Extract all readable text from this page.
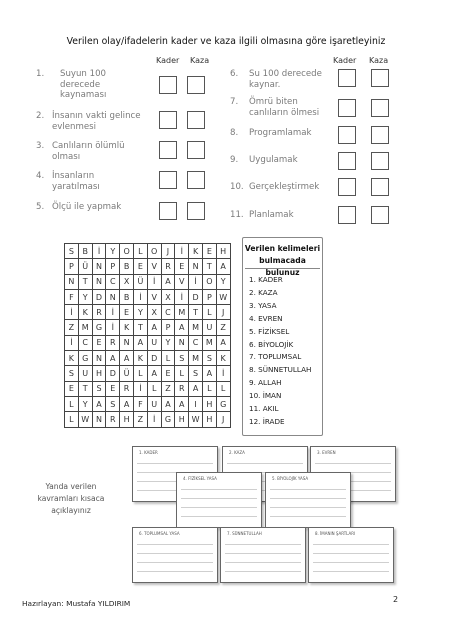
Verilen olay/ifadelerin kader ve kaza ilgili olmasına göre işaretleyiniz
Kader Kaza	Kader Kaza
1. Suyun 100 derecede kaynaması
2. İnsanın vakti gelince evlenmesi
3. Canlıların ölümlü olması
4. İnsanların yaratılması
5. Ölçü ile yapmak
6. Su 100 derecede kaynar.
7. Ömrü biten canlıların ölmesi
8. Programlamak
9. Uygulamak
10. Gerçekleştirmek
11. Planlamak
S	B	İ	Y	O	L	O	J	İ	K	E	H
P	Ü	N	P	B	E	V	R	E	N	T	A
N	T	N	C	X	Ü	İ	A	V	İ	O	Y
F	Y	D	N	B	İ	V	X	İ	D	P	W
İ	K	R	İ	E	Y	X	C	M	T	L	J
Z	M	G	İ	K	T	A	P	A	M	U	Z
İ	C	E	R	N	A	U	Y	N	C	M	A
K	G	N	A	A	K	D	L	S	M	S	K
S	U	H	D	Ü	L	A	E	L	S	A	İ
E	T	S	E	R	İ	L	Z	R	A	L	L
L	Y	A	S	A	F	U	A	A	I	H	G
L	W	N	R	H	Z	İ	G	H	W	H	J
Verilen kelimeleri
bulmacada bulunuz
1. KADER
2. KAZA
3. YASA
4. EVREN
5. FİZİKSEL
6. BİYOLOJİK
7. TOPLUMSAL
8. SÜNNETULLAH
9. ALLAH
10. İMAN
11. AKIL
12. İRADE
Yanda verilen
kavramları kısaca
açıklayınız
1. KADER	2. KAZA	3. EVREN
4. FİZİKSEL YASA	5. BİYOLOJİK YASA
6. TOPLUMSAL YASA	7. SÜNNETULLAH	8. İMANIN ŞARTLARI
2
Hazırlayan: Mustafa YILDIRIM
